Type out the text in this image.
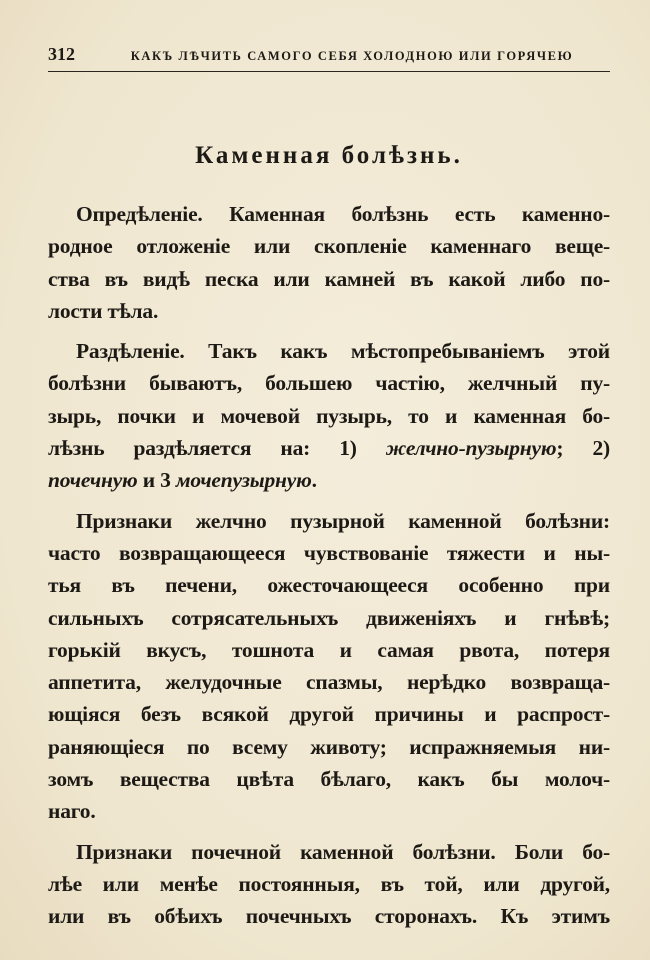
312	КАКЪ ЛѢЧИТЬ САМОГО СЕБЯ ХОЛОДНОЮ ИЛИ ГОРЯЧЕЮ
Каменная болѣзнь.
Опредѣленіе. Каменная болѣзнь есть каменно-
родное отложеніе или скопленіе каменнаго веще-
ства въ видѣ песка или камней въ какой либо по-
лости тѣла.
Раздѣленіе. Такъ какъ мѣстопребываніемъ этой
болѣзни бываютъ, большею частію, желчный пу-
зырь, почки и мочевой пузырь, то и каменная бо-
лѣзнь раздѣляется на: 1) желчно-пузырную; 2)
почечную и 3 мочепузырную.
Признаки желчно пузырной каменной болѣзни:
часто возвращающееся чувствованіе тяжести и ны-
тья въ печени, ожесточающееся особенно при
сильныхъ сотрясательныхъ движеніяхъ и гнѣвѣ;
горькій вкусъ, тошнота и самая рвота, потеря
аппетита, желудочные спазмы, нерѣдко возвраща-
ющіяся безъ всякой другой причины и распрост-
раняющіеся по всему животу; испражняемыя ни-
зомъ вещества цвѣта бѣлаго, какъ бы молоч-
наго.
Признаки почечной каменной болѣзни. Боли бо-
лѣе или менѣе постоянныя, въ той, или другой,
или въ обѣихъ почечныхъ сторонахъ. Къ этимъ
